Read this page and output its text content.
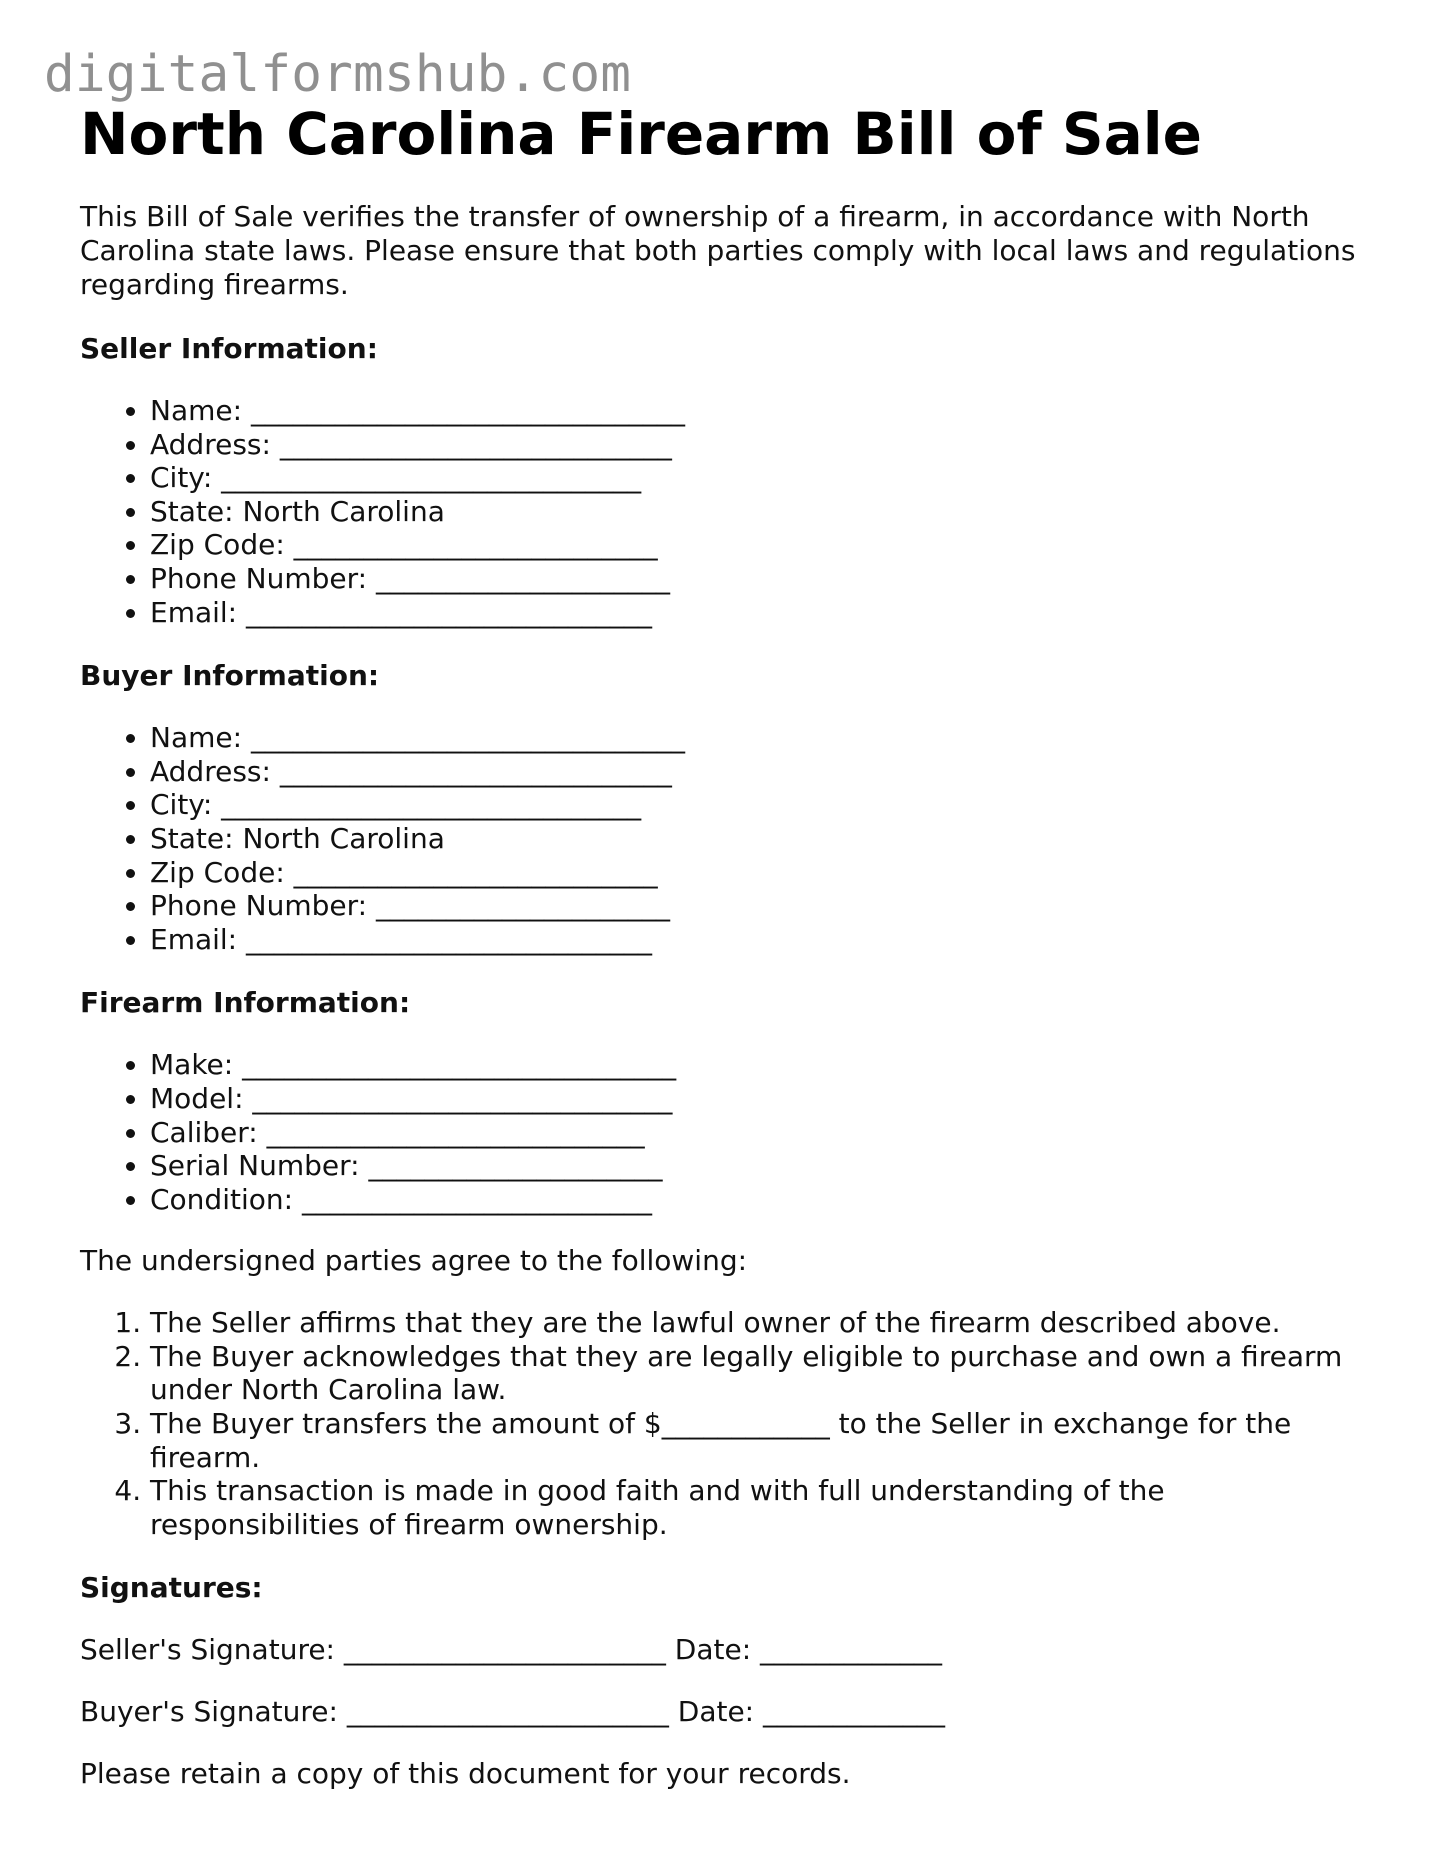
digitalformshub.com
North Carolina Firearm Bill of Sale

This Bill of Sale verifies the transfer of ownership of a firearm, in accordance with North Carolina state laws. Please ensure that both parties comply with local laws and regulations regarding firearms.

Seller Information:
• Name: _______________________________
• Address: ____________________________
• City: ______________________________
• State: North Carolina
• Zip Code: __________________________
• Phone Number: _____________________
• Email: _____________________________
Buyer Information:
• Name: _______________________________
• Address: ____________________________
• City: ______________________________
• State: North Carolina
• Zip Code: __________________________
• Phone Number: _____________________
• Email: _____________________________
Firearm Information:
• Make: _______________________________
• Model: ______________________________
• Caliber: ___________________________
• Serial Number: _____________________
• Condition: _________________________

The undersigned parties agree to the following:

1. The Seller affirms that they are the lawful owner of the firearm described above.
2. The Buyer acknowledges that they are legally eligible to purchase and own a firearm under North Carolina law.
3. The Buyer transfers the amount of $____________ to the Seller in exchange for the firearm.
4. This transaction is made in good faith and with full understanding of the responsibilities of firearm ownership.
Signatures:

Seller's Signature: _______________________ Date: _____________

Buyer's Signature: _______________________ Date: _____________

Please retain a copy of this document for your records.
